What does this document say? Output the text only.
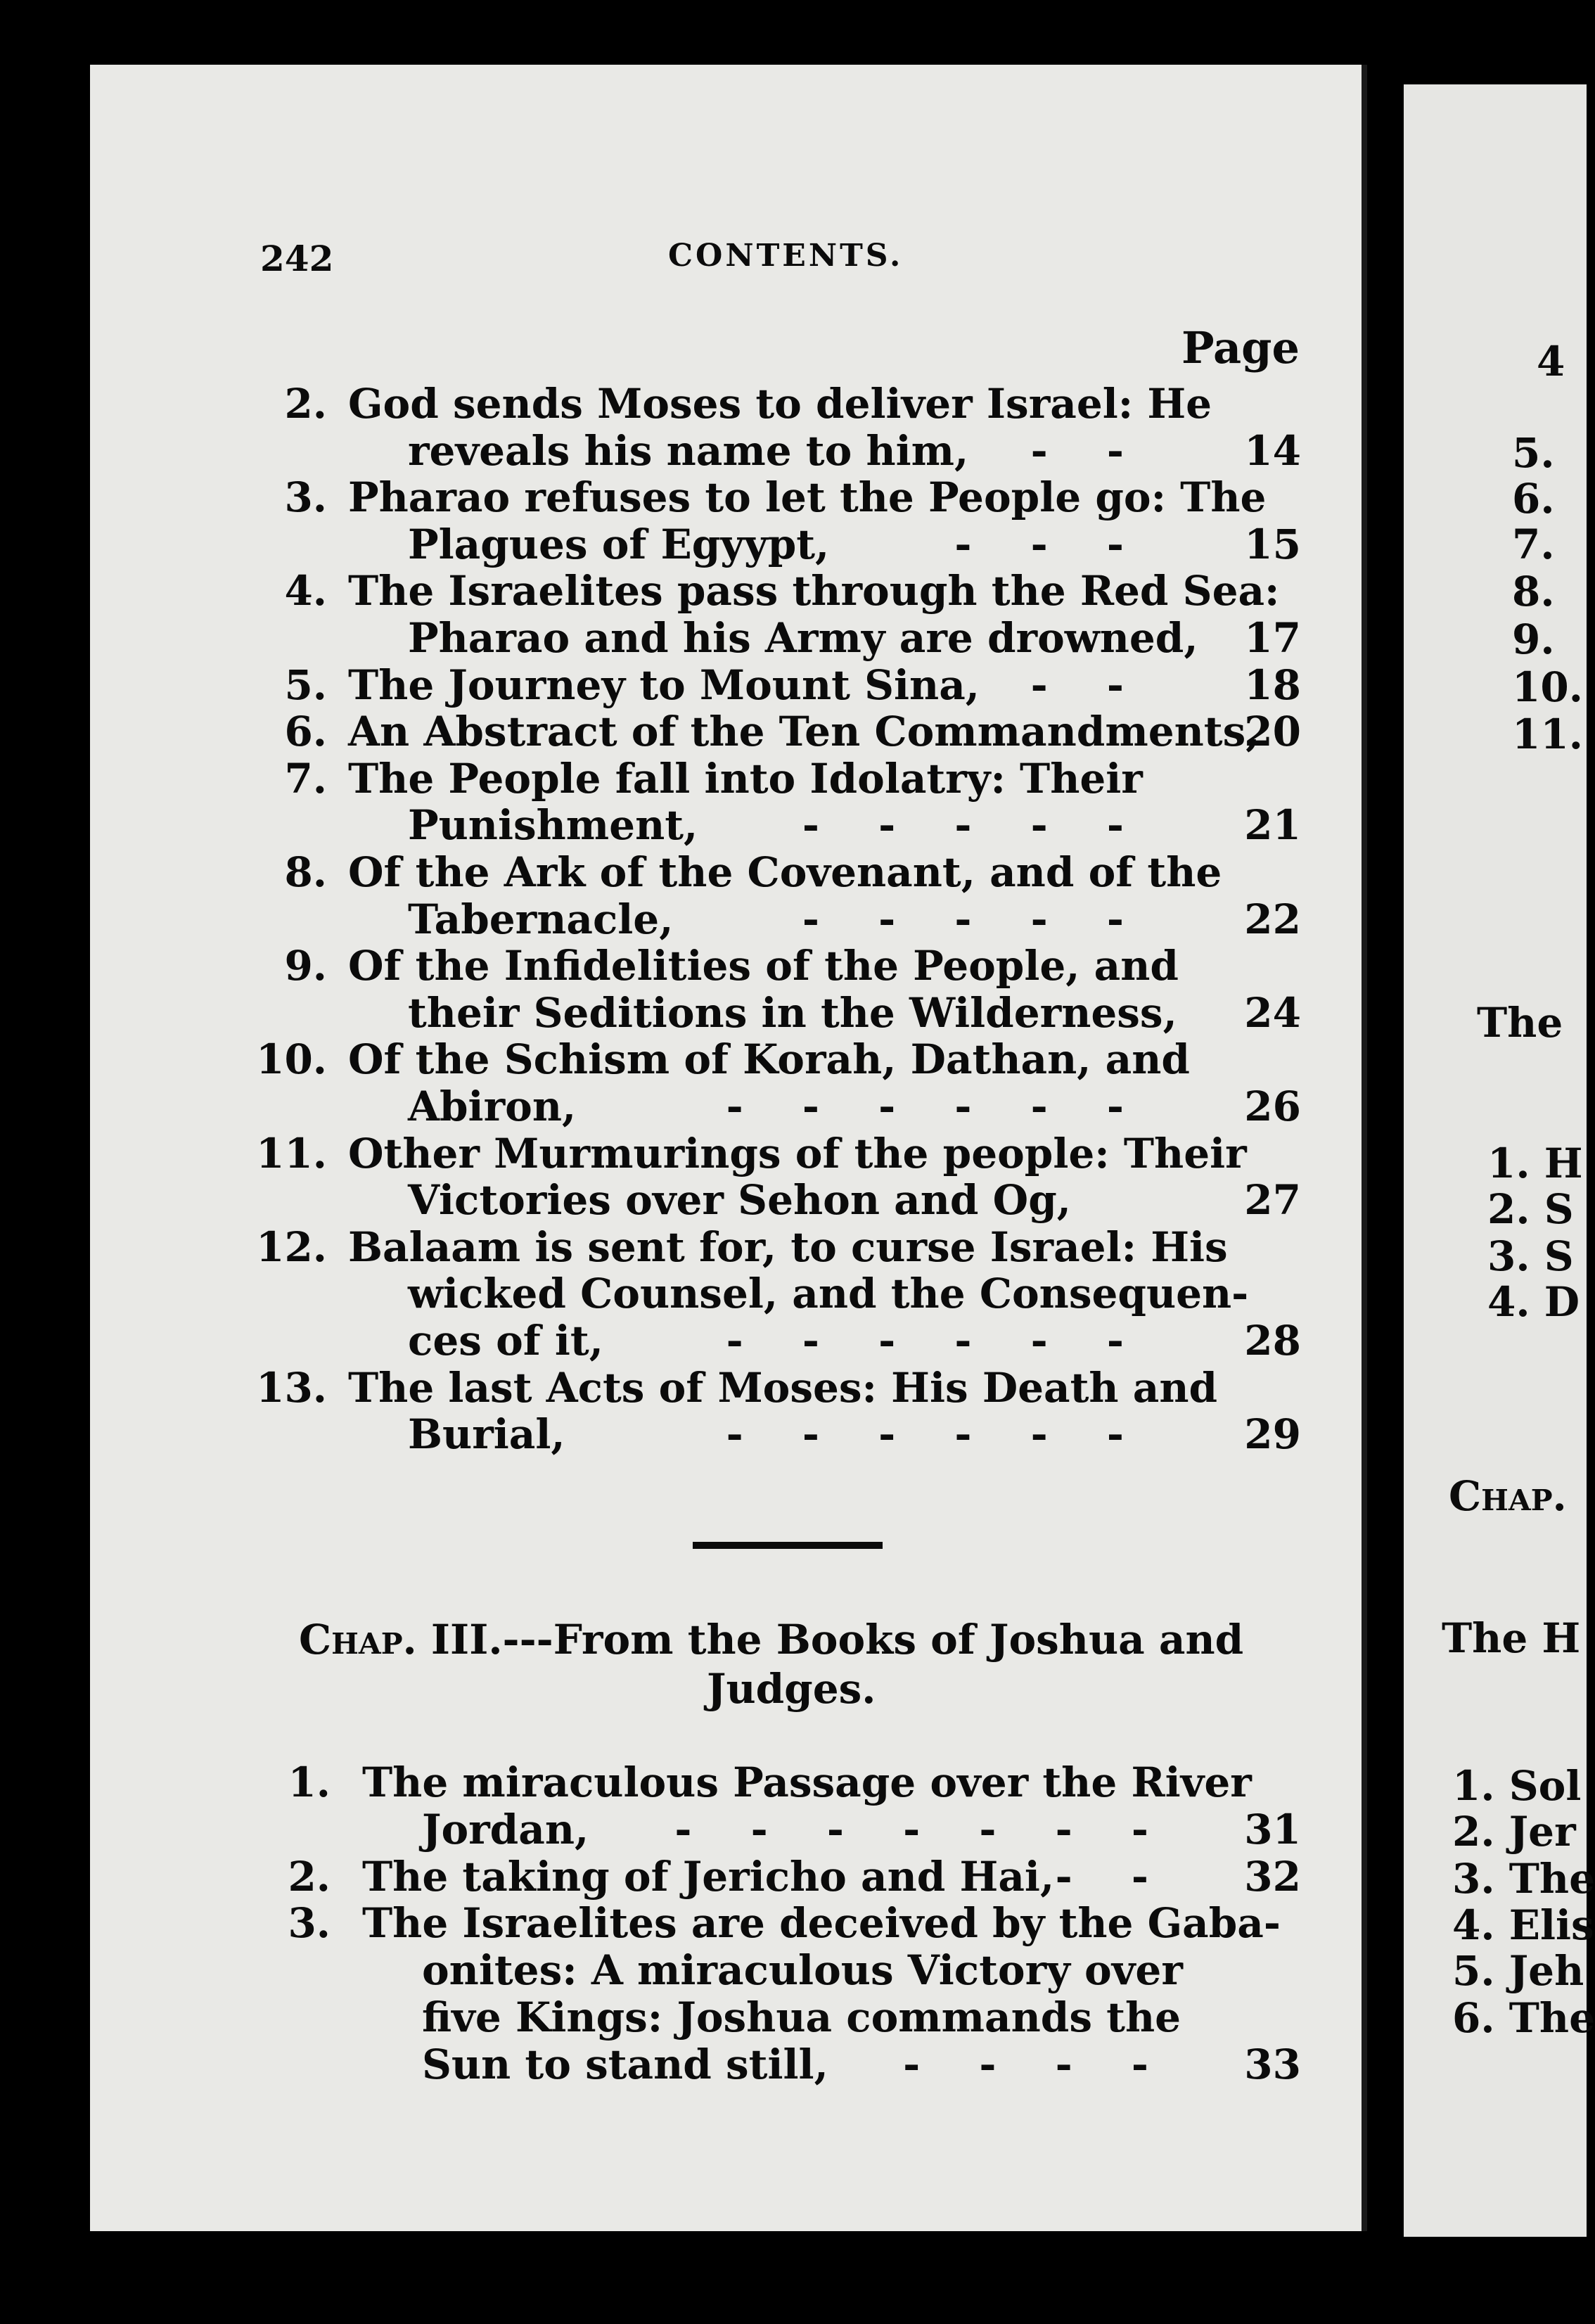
242	CONTENTS.
Page
2. God sends Moses to deliver Israel: He
reveals his name to him, - -	14
3. Pharao refuses to let the People go: The
Plagues of Egyypt,	- - -	15
4. The Israelites pass through the Red Sea:
Pharao and his Army are drowned,	17
5. The Journey to Mount Sina, - -	18
6. An Abstract of the Ten Commandments,
20
7. The People fall into Idolatry: Their
Punishment,	- - - - -	21
8. Of the Ark of the Covenant, and of the
Tabernacle,	- - - - -	22
9. Of the Infidelities of the People, and
their Seditions in the Wilderness,	24
10. Of the Schism of Korah, Dathan, and
Abiron,	- - - - - -	26
11. Other Murmurings of the people: Their
Victories over Sehon and Og,	27
12. Balaam is sent for, to curse Israel: His
wicked Counsel, and the Consequen-
ces of it,	- - - - - -	28
13. The last Acts of Moses: His Death and
Burial,	- - - - - -	29
Chap. III.---From the Books of Joshua and
Judges.
1. The miraculous Passage over the River
Jordan, - - - - - - -	31
2. The taking of Jericho and Hai, - -	32
3. The Israelites are deceived by the Gaba-
onites: A miraculous Victory over
five Kings: Joshua commands the
Sun to stand still, - - - -	33
4
5.
6.
7.
8.
9.
10.
11.
The
1. H
2. S
3. S
4. D
Chap.
The H
1. Sol
2. Jer
3. The
4. Elis
5. Jeh
6. The
